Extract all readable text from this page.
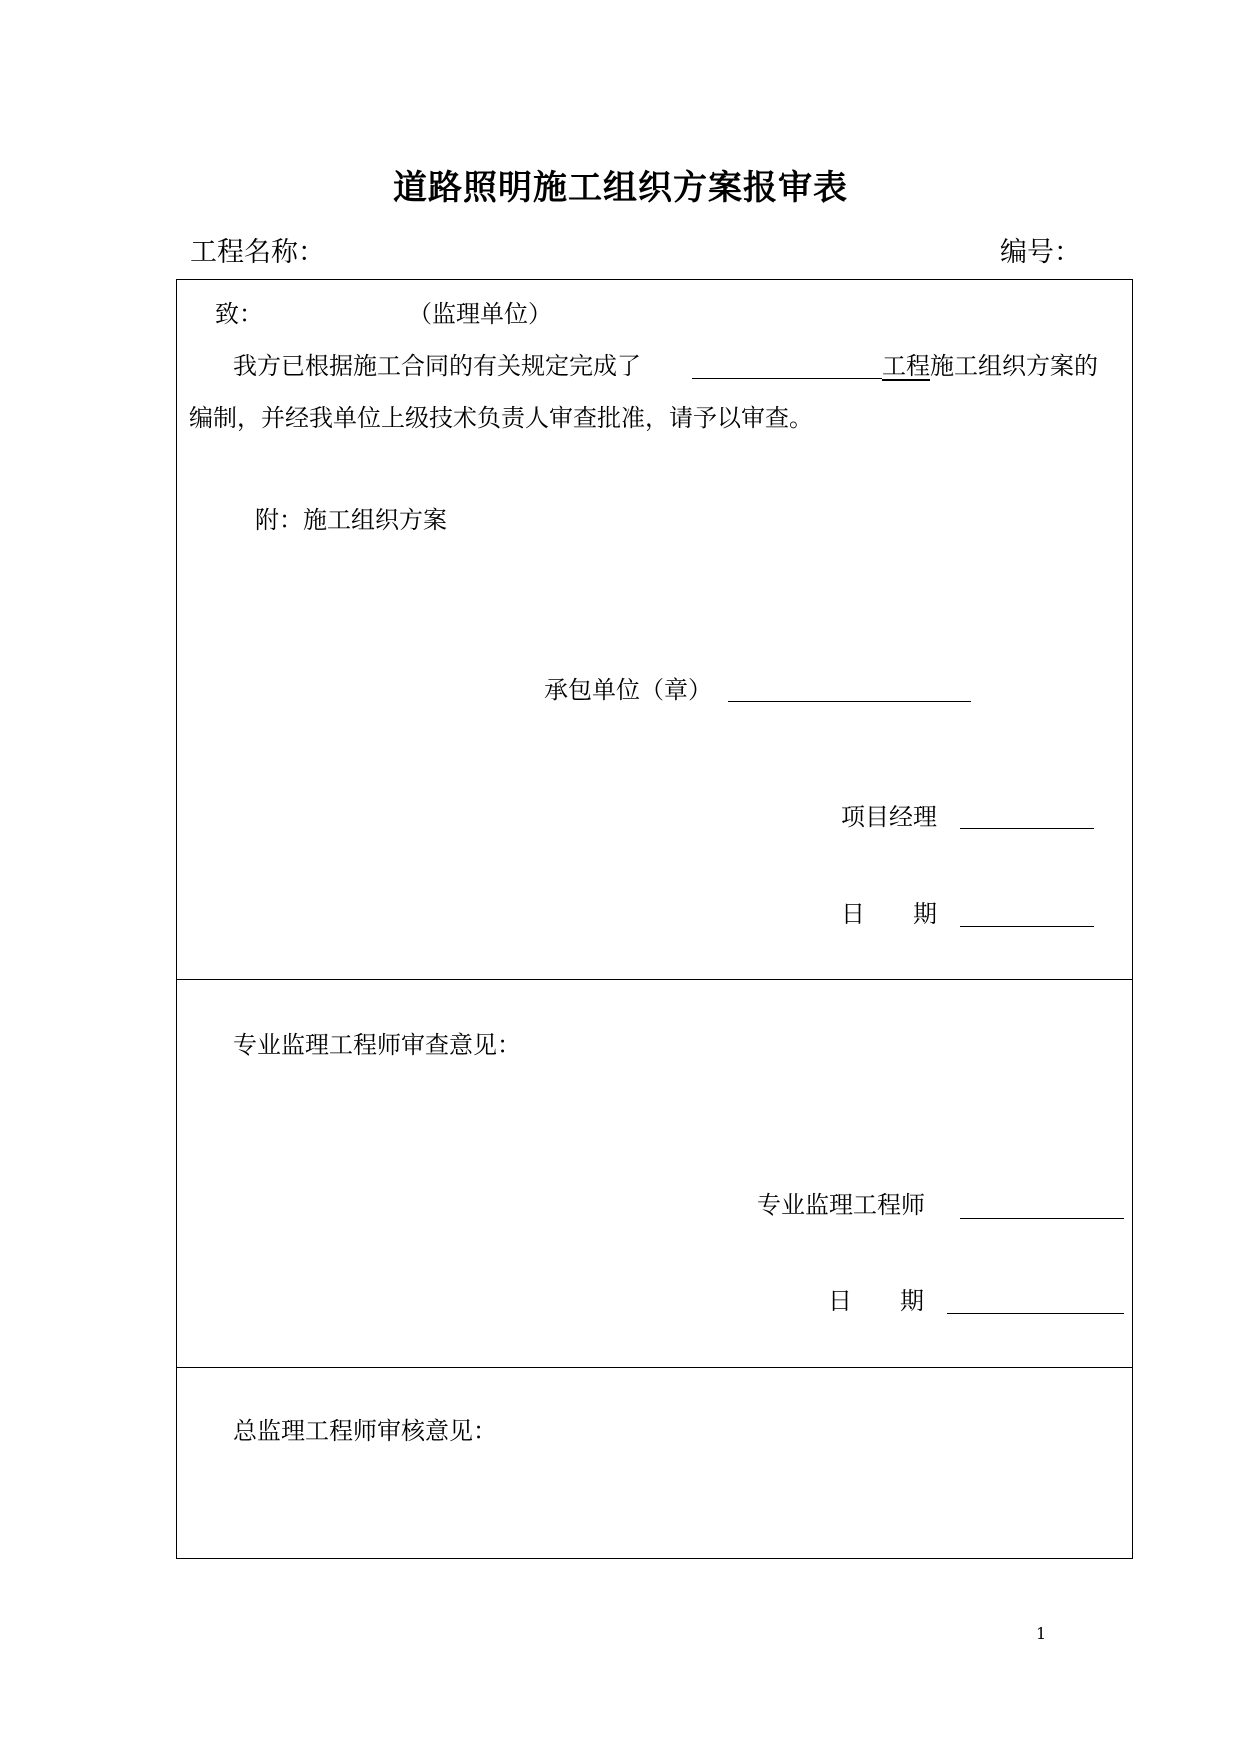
道路照明施工组织方案报审表
工程名称：	编号：
致：	（监理单位）
我方已根据施工合同的有关规定完成了	工程 施工组织方案的
编制，并经我单位上级技术负责人审查批准，请予以审查。
附：施工组织方案
承包单位（章）
项目经理
日　　期
专业监理工程师审查意见：
专业监理工程师
日　　期
总监理工程师审核意见：
1
